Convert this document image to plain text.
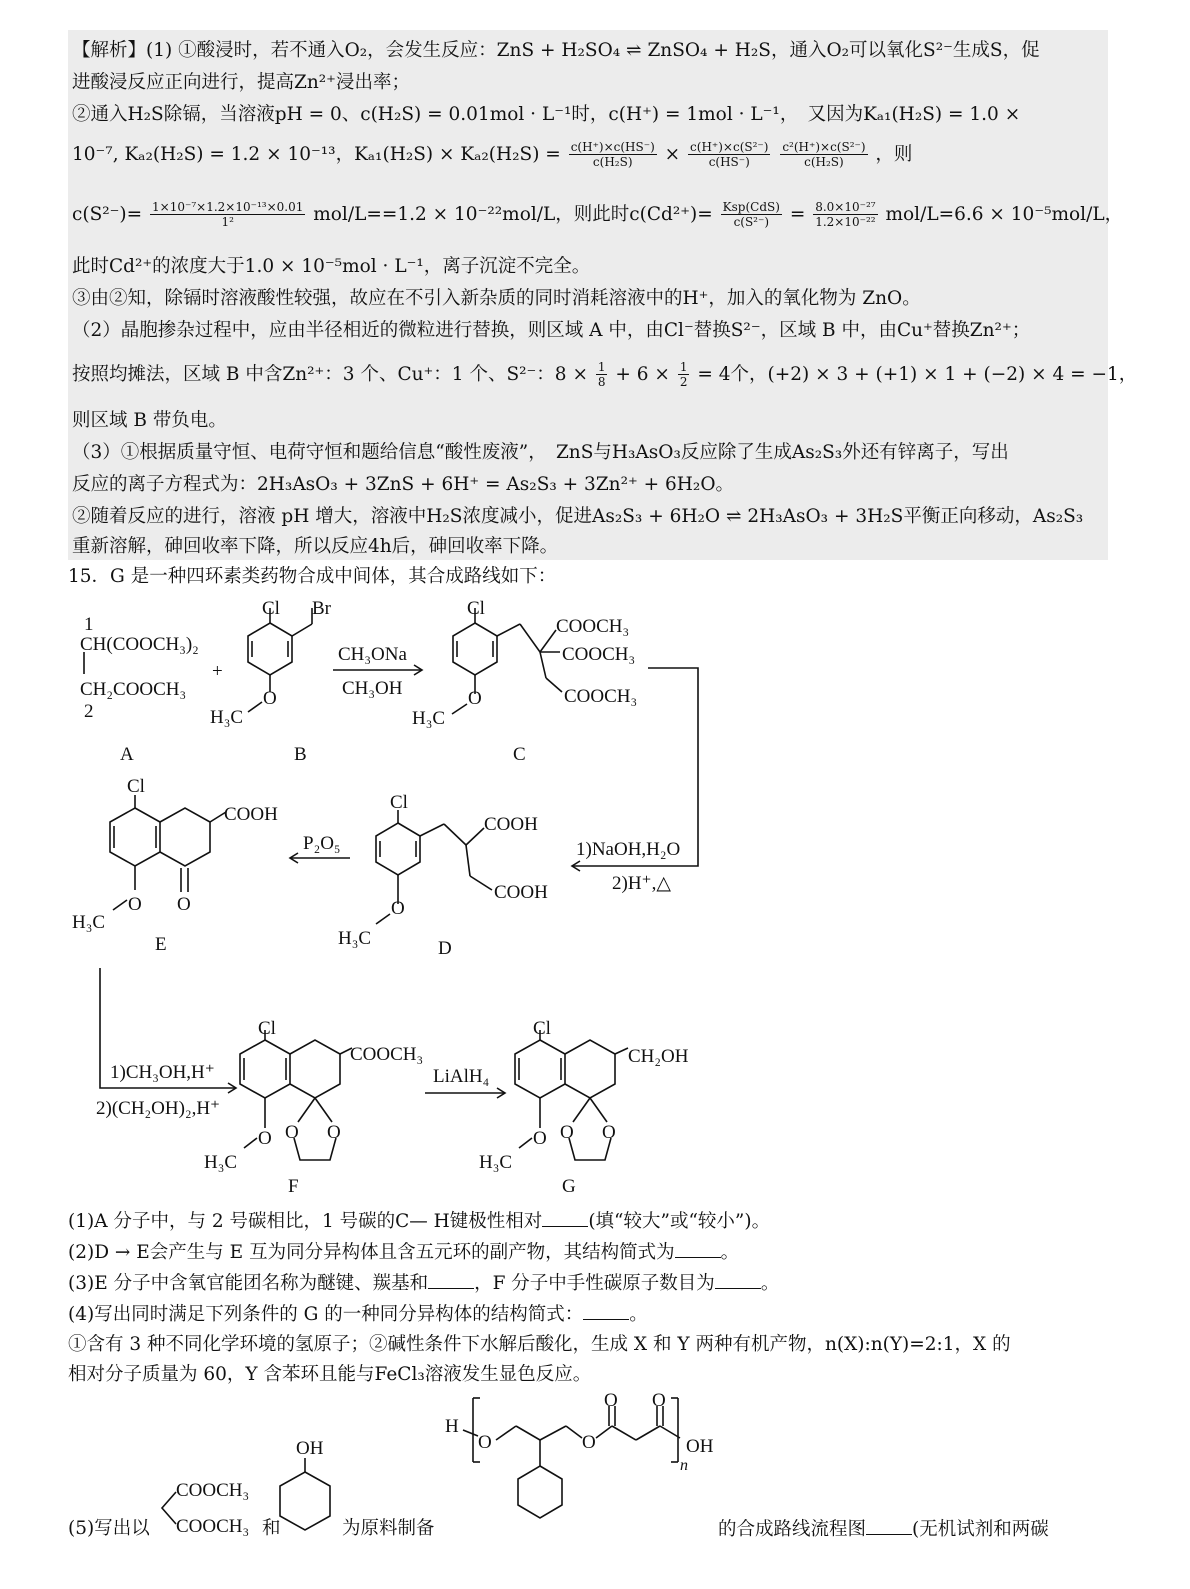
【解析】(1) ①酸浸时，若不通入O₂，会发生反应：ZnS + H₂SO₄ ⇌ ZnSO₄ + H₂S，通入O₂可以氧化S²⁻生成S，促
进酸浸反应正向进行，提高Zn²⁺浸出率；
②通入H₂S除镉，当溶液pH = 0、c(H₂S) = 0.01mol · L⁻¹时，c(H⁺) = 1mol · L⁻¹，　又因为Kₐ₁(H₂S) = 1.0 ×
10⁻⁷, Kₐ₂(H₂S) = 1.2 × 10⁻¹³，$K_{a1}(H_2S) \times K_{a2}(H_2S) = \frac{c(H^+)\times c(HS^-)}{\text{c(H₂S)}} \times \frac{\text{c(H⁺)×c(S²⁻)}}{c(HS^-)}$
$\frac{\text{c²(H⁺)×c(S²⁻)}}{\text{c(H₂S)}}$ ，则
$c(S^{2-})= \frac{\text{1×10⁻⁷×1.2×10⁻¹³×0.01}}{\text{1²}} mol/L==1.2 \times 10^{-22}mol/L$，则此时$c(Cd^{2+})= \frac{\text{Ksp(CdS)}}{\text{c(S²⁻)}} = \frac{\text{8.0×10⁻²⁷}}{\text{1.2×10⁻²²}} mol/L=6.6 \times 10^{-5}mol/L$，
此时Cd²⁺的浓度大于1.0 × 10⁻⁵mol · L⁻¹，离子沉淀不完全。
③由②知，除镉时溶液酸性较强，故应在不引入新杂质的同时消耗溶液中的H⁺，加入的氧化物为 ZnO。
（2）晶胞掺杂过程中，应由半径相近的微粒进行替换，则区域 A 中，由Cl⁻替换S²⁻，区域 B 中，由Cu⁺替换Zn²⁺；
按照均摊法，区域 B 中含Zn²⁺：3 个、Cu⁺：1 个、S²⁻：$8 \times \frac{1}{8} + 6 \times \frac{1}{2} = 4$个，(+2) × 3 + (+1) × 1 + (−2) × 4 = −1，
则区域 B 带负电。
（3）①根据质量守恒、电荷守恒和题给信息“酸性废液”，　ZnS与H₃AsO₃反应除了生成As₂S₃外还有锌离子，写出
反应的离子方程式为：2H₃AsO₃ + 3ZnS + 6H⁺ = As₂S₃ + 3Zn²⁺ + 6H₂O。
②随着反应的进行，溶液 pH 增大，溶液中H₂S浓度减小，促进As₂S₃ + 6H₂O ⇌ 2H₃AsO₃ + 3H₂S平衡正向移动，As₂S₃
重新溶解，砷回收率下降，所以反应4h后，砷回收率下降。
15．G 是一种四环素类药物合成中间体，其合成路线如下：
1
CH(COOCH₃)₂
CH₂COOCH₃
2
A
+
Cl Br
O
H₃C
B
CH₃ONa
CH₃OH
Cl
COOCH₃
COOCH₃
COOCH₃
O
H₃C
C
1)NaOH,H₂O
2)H⁺,△
Cl
COOH
COOH
O
H₃C	D
P₂O₅
Cl
COOH
O O
H₃C
E
1)CH₃OH,H⁺
2)(CH₂OH)₂,H⁺
Cl
COOCH₃
O O O
H₃C
F
LiAlH₄
Cl
CH₂OH
O O O
H₃C
G
COOCH₃
COOCH₃
OH
H
O	O
O O
n
OH
(1)A 分子中，与 2 号碳相比，1 号碳的C— H键极性相对 (填“较大”或“较小”)。
(2)D → E会产生与 E 互为同分异构体且含五元环的副产物，其结构简式为 。
(3)E 分子中含氧官能团名称为醚键、羰基和 ，F 分子中手性碳原子数目为 。
(4)写出同时满足下列条件的 G 的一种同分异构体的结构简式： 。
①含有 3 种不同化学环境的氢原子；②碱性条件下水解后酸化，生成 X 和 Y 两种有机产物，n(X):n(Y)=2:1，X 的
相对分子质量为 60，Y 含苯环且能与FeCl₃溶液发生显色反应。
(5)写出以	和	为原料制备	的合成路线流程图 (无机试剂和两碳
